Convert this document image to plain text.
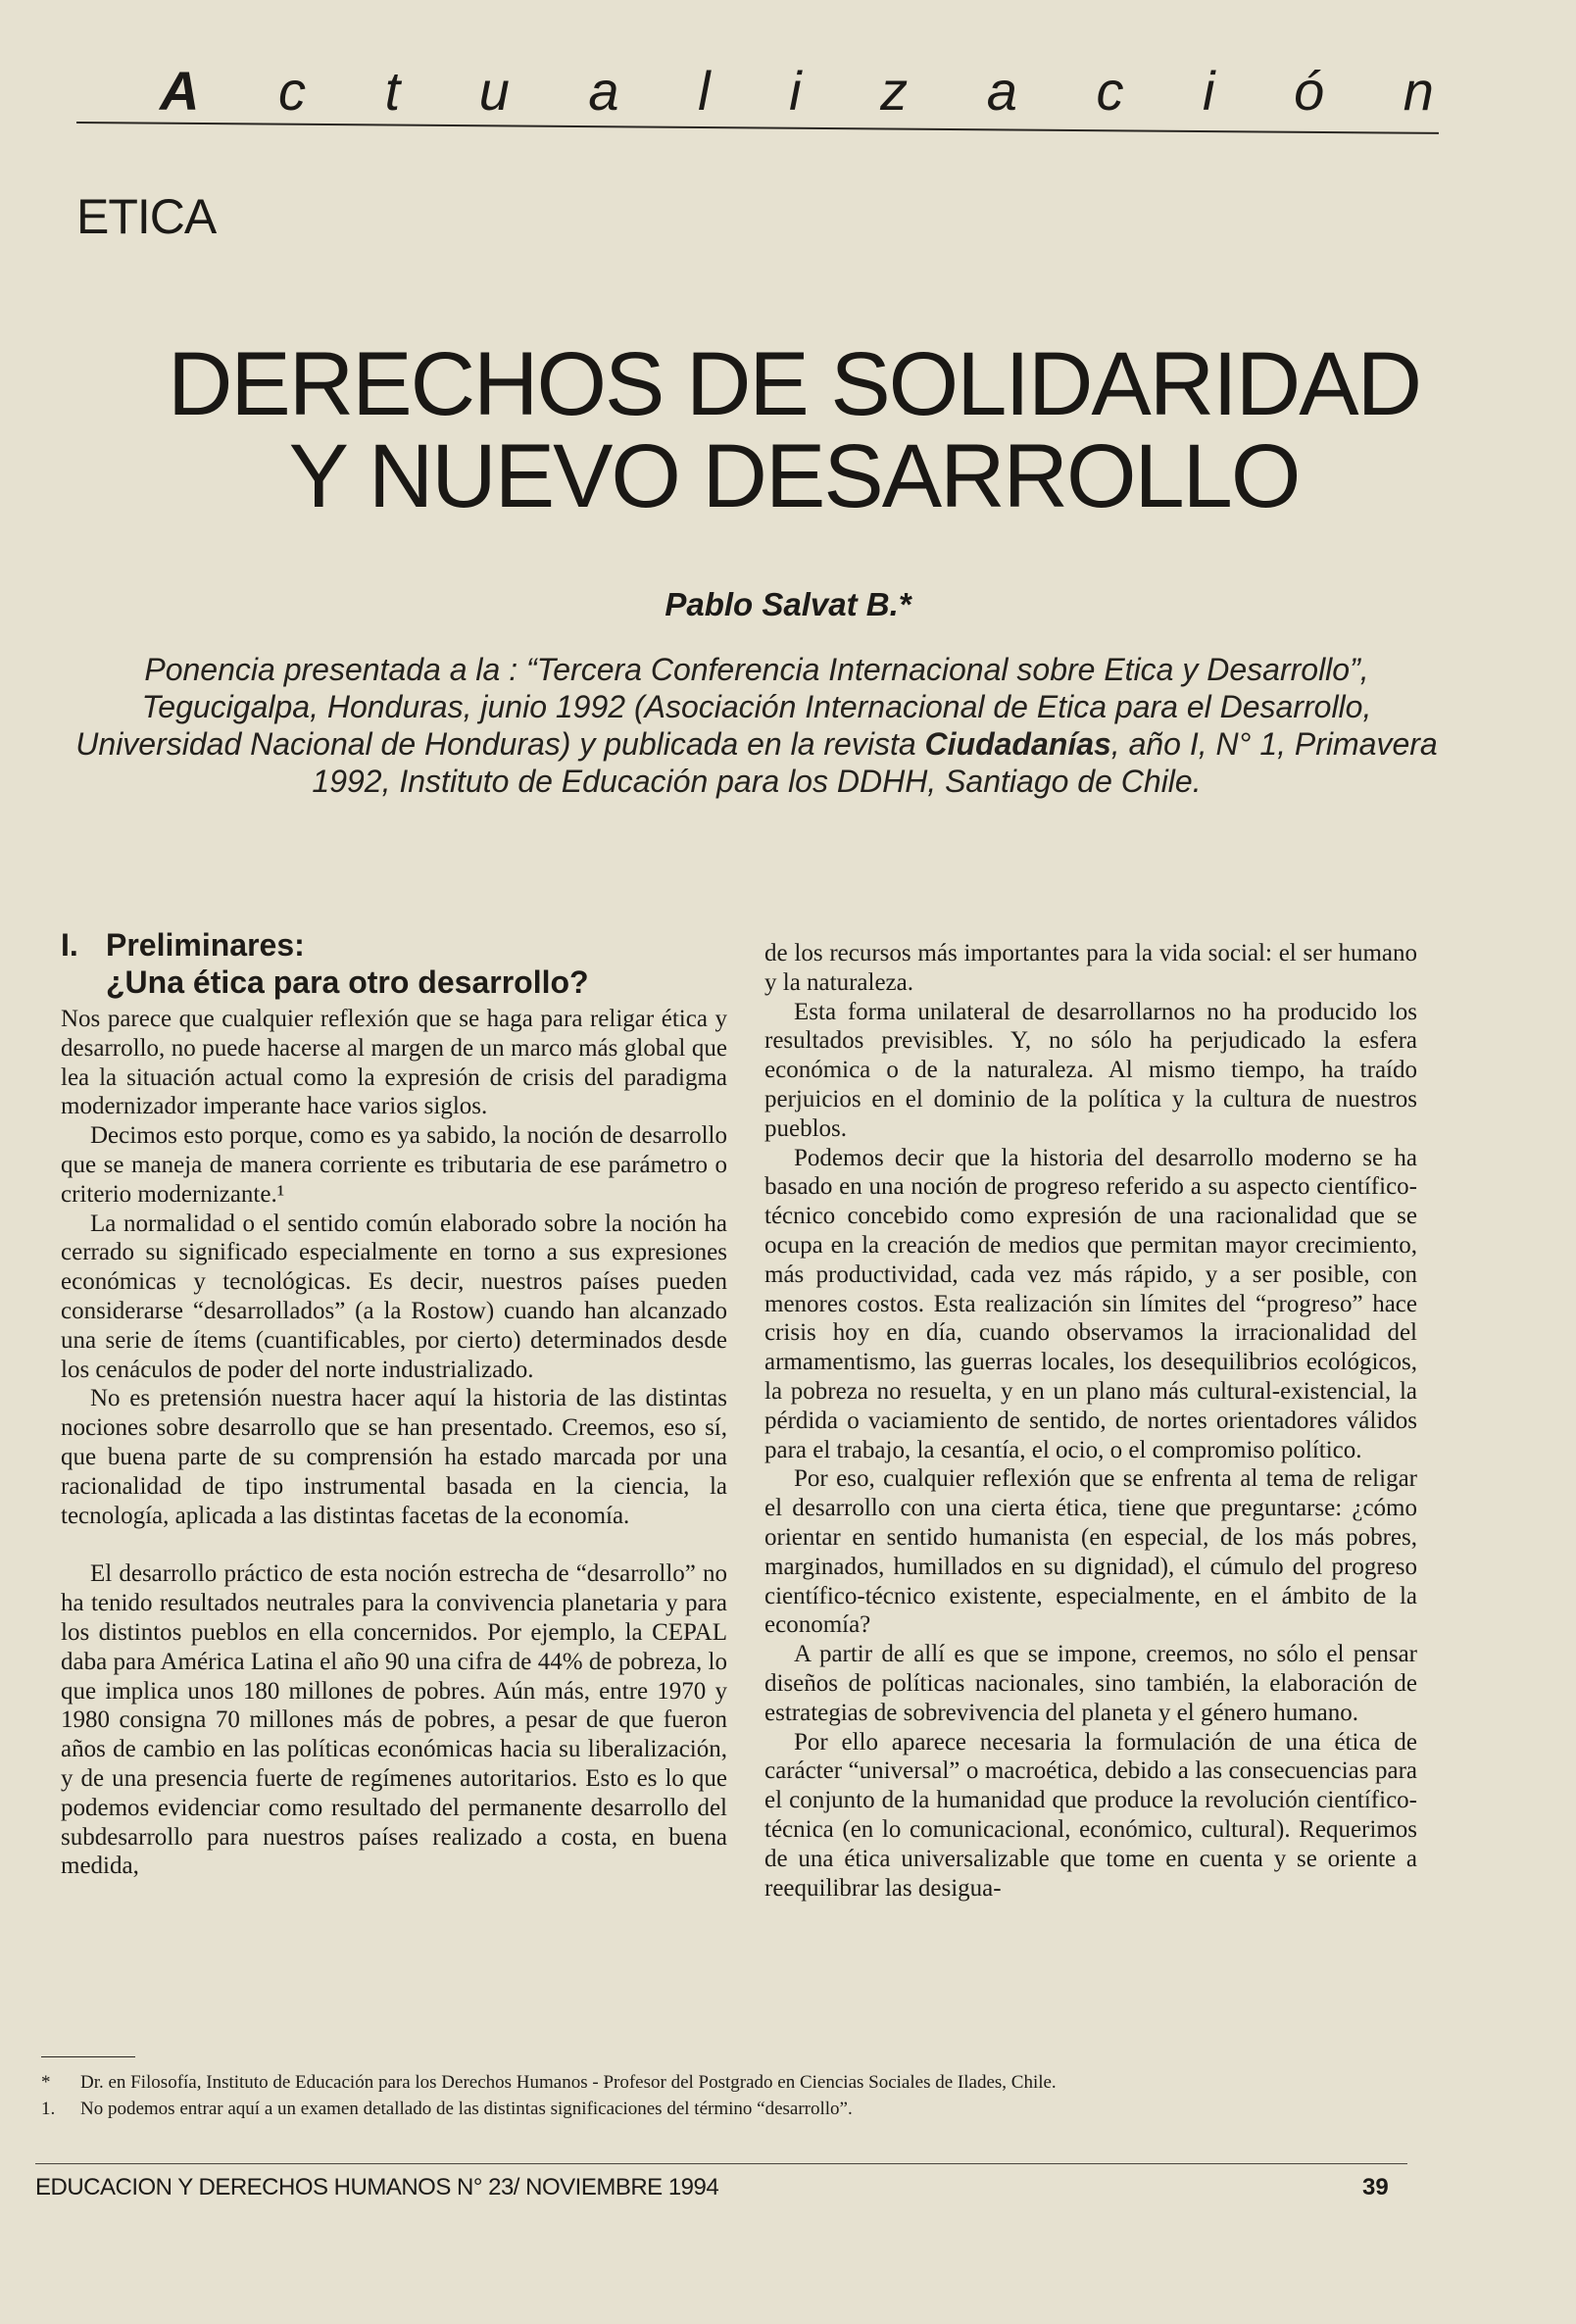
A c t u a l i z a c i ó n
ETICA
DERECHOS DE SOLIDARIDAD
Y NUEVO DESARROLLO
Pablo Salvat B.*
Ponencia presentada a la : “Tercera Conferencia Internacional sobre Etica y Desarrollo”, Tegucigalpa, Honduras, junio 1992 (Asociación Internacional de Etica para el Desarrollo, Universidad Nacional de Honduras) y publicada en la revista Ciudadanías, año I, N° 1, Primavera 1992, Instituto de Educación para los DDHH, Santiago de Chile.
I. Preliminares:
¿Una ética para otro desarrollo?

Nos parece que cualquier reflexión que se haga para religar ética y desarrollo, no puede hacerse al margen de un marco más global que lea la situación actual como la expresión de crisis del paradigma modernizador imperante hace varios siglos.

Decimos esto porque, como es ya sabido, la noción de desarrollo que se maneja de manera corriente es tributaria de ese parámetro o criterio modernizante.¹

La normalidad o el sentido común elaborado sobre la noción ha cerrado su significado especialmente en torno a sus expresiones económicas y tecnológicas. Es decir, nuestros países pueden considerarse “desarrollados” (a la Rostow) cuando han alcanzado una serie de ítems (cuantificables, por cierto) determinados desde los cenáculos de poder del norte industrializado.

No es pretensión nuestra hacer aquí la historia de las distintas nociones sobre desarrollo que se han presentado. Creemos, eso sí, que buena parte de su comprensión ha estado marcada por una racionalidad de tipo instrumental basada en la ciencia, la tecnología, aplicada a las distintas facetas de la economía.

El desarrollo práctico de esta noción estrecha de “desarrollo” no ha tenido resultados neutrales para la convivencia planetaria y para los distintos pueblos en ella concernidos. Por ejemplo, la CEPAL daba para América Latina el año 90 una cifra de 44% de pobreza, lo que implica unos 180 millones de pobres. Aún más, entre 1970 y 1980 consigna 70 millones más de pobres, a pesar de que fueron años de cambio en las políticas económicas hacia su liberalización, y de una presencia fuerte de regímenes autoritarios. Esto es lo que podemos evidenciar como resultado del permanente desarrollo del subdesarrollo para nuestros países realizado a costa, en buena medida,

de los recursos más importantes para la vida social: el ser humano y la naturaleza.

Esta forma unilateral de desarrollarnos no ha producido los resultados previsibles. Y, no sólo ha perjudicado la esfera económica o de la naturaleza. Al mismo tiempo, ha traído perjuicios en el dominio de la política y la cultura de nuestros pueblos.

Podemos decir que la historia del desarrollo moderno se ha basado en una noción de progreso referido a su aspecto científico-técnico concebido como expresión de una racionalidad que se ocupa en la creación de medios que permitan mayor crecimiento, más productividad, cada vez más rápido, y a ser posible, con menores costos. Esta realización sin límites del “progreso” hace crisis hoy en día, cuando observamos la irracionalidad del armamentismo, las guerras locales, los desequilibrios ecológicos, la pobreza no resuelta, y en un plano más cultural-existencial, la pérdida o vaciamiento de sentido, de nortes orientadores válidos para el trabajo, la cesantía, el ocio, o el compromiso político.

Por eso, cualquier reflexión que se enfrenta al tema de religar el desarrollo con una cierta ética, tiene que preguntarse: ¿cómo orientar en sentido humanista (en especial, de los más pobres, marginados, humillados en su dignidad), el cúmulo del progreso científico-técnico existente, especialmente, en el ámbito de la economía?

A partir de allí es que se impone, creemos, no sólo el pensar diseños de políticas nacionales, sino también, la elaboración de estrategias de sobrevivencia del planeta y el género humano.

Por ello aparece necesaria la formulación de una ética de carácter “universal” o macroética, debido a las consecuencias para el conjunto de la humanidad que produce la revolución científico-técnica (en lo comunicacional, económico, cultural). Requerimos de una ética universalizable que tome en cuenta y se oriente a reequilibrar las desigua-

*	Dr. en Filosofía, Instituto de Educación para los Derechos Humanos - Profesor del Postgrado en Ciencias Sociales de Ilades, Chile.
1.	No podemos entrar aquí a un examen detallado de las distintas significaciones del término “desarrollo”.
EDUCACION Y DERECHOS HUMANOS N° 23/ NOVIEMBRE 1994	39
